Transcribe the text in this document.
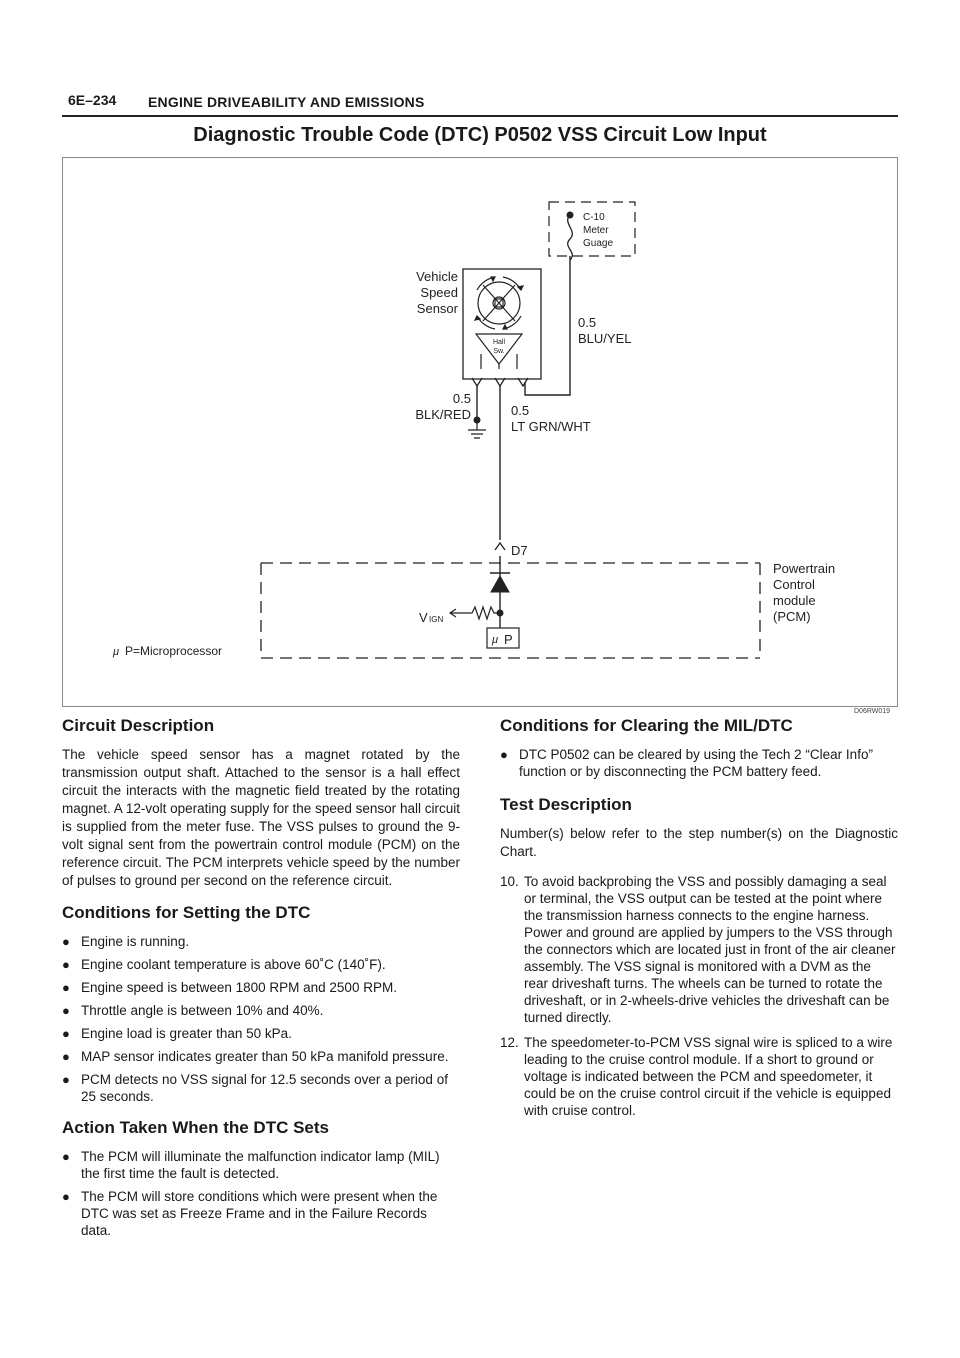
6E–234 ENGINE DRIVEABILITY AND EMISSIONS
Diagnostic Trouble Code (DTC) P0502 VSS Circuit Low Input
C-10
Meter
Guage
0.5
BLU/YEL
Vehicle
Speed
Sensor
Hall
Sw.
0.5
BLK/RED	0.5
LT GRN/WHT
D7
Powertrain
Control
module
(PCM)
V IGN
μ P
μ P=Microprocessor
D06RW019
Circuit Description

The vehicle speed sensor has a magnet rotated by the transmission output shaft. Attached to the sensor is a hall effect circuit the interacts with the magnetic field treated by the rotating magnet. A 12-volt operating supply for the speed sensor hall circuit is supplied from the meter fuse. The VSS pulses to ground the 9-volt signal sent from the powertrain control module (PCM) on the reference circuit. The PCM interprets vehicle speed by the number of pulses to ground per second on the reference circuit.

Conditions for Setting the DTC
● Engine is running.
● Engine coolant temperature is above 60˚C (140˚F).
● Engine speed is between 1800 RPM and 2500 RPM.
● Throttle angle is between 10% and 40%.
● Engine load is greater than 50 kPa.
● MAP sensor indicates greater than 50 kPa manifold pressure.
● PCM detects no VSS signal for 12.5 seconds over a period of 25 seconds.
Action Taken When the DTC Sets
● The PCM will illuminate the malfunction indicator lamp (MIL) the first time the fault is detected.
● The PCM will store conditions which were present when the DTC was set as Freeze Frame and in the Failure Records data.
Conditions for Clearing the MIL/DTC
● DTC P0502 can be cleared by using the Tech 2 “Clear Info” function or by disconnecting the PCM battery feed.
Test Description

Number(s) below refer to the step number(s) on the Diagnostic Chart.

10. To avoid backprobing the VSS and possibly damaging a seal or terminal, the VSS output can be tested at the point where the transmission harness connects to the engine harness. Power and ground are applied by jumpers to the VSS through the connectors which are located just in front of the air cleaner assembly. The VSS signal is monitored with a DVM as the rear driveshaft turns. The wheels can be turned to rotate the driveshaft, or in 2-wheels-drive vehicles the driveshaft can be turned directly.
12. The speedometer-to-PCM VSS signal wire is spliced to a wire leading to the cruise control module. If a short to ground or voltage is indicated between the PCM and speedometer, it could be on the cruise control circuit if the vehicle is equipped with cruise control.
